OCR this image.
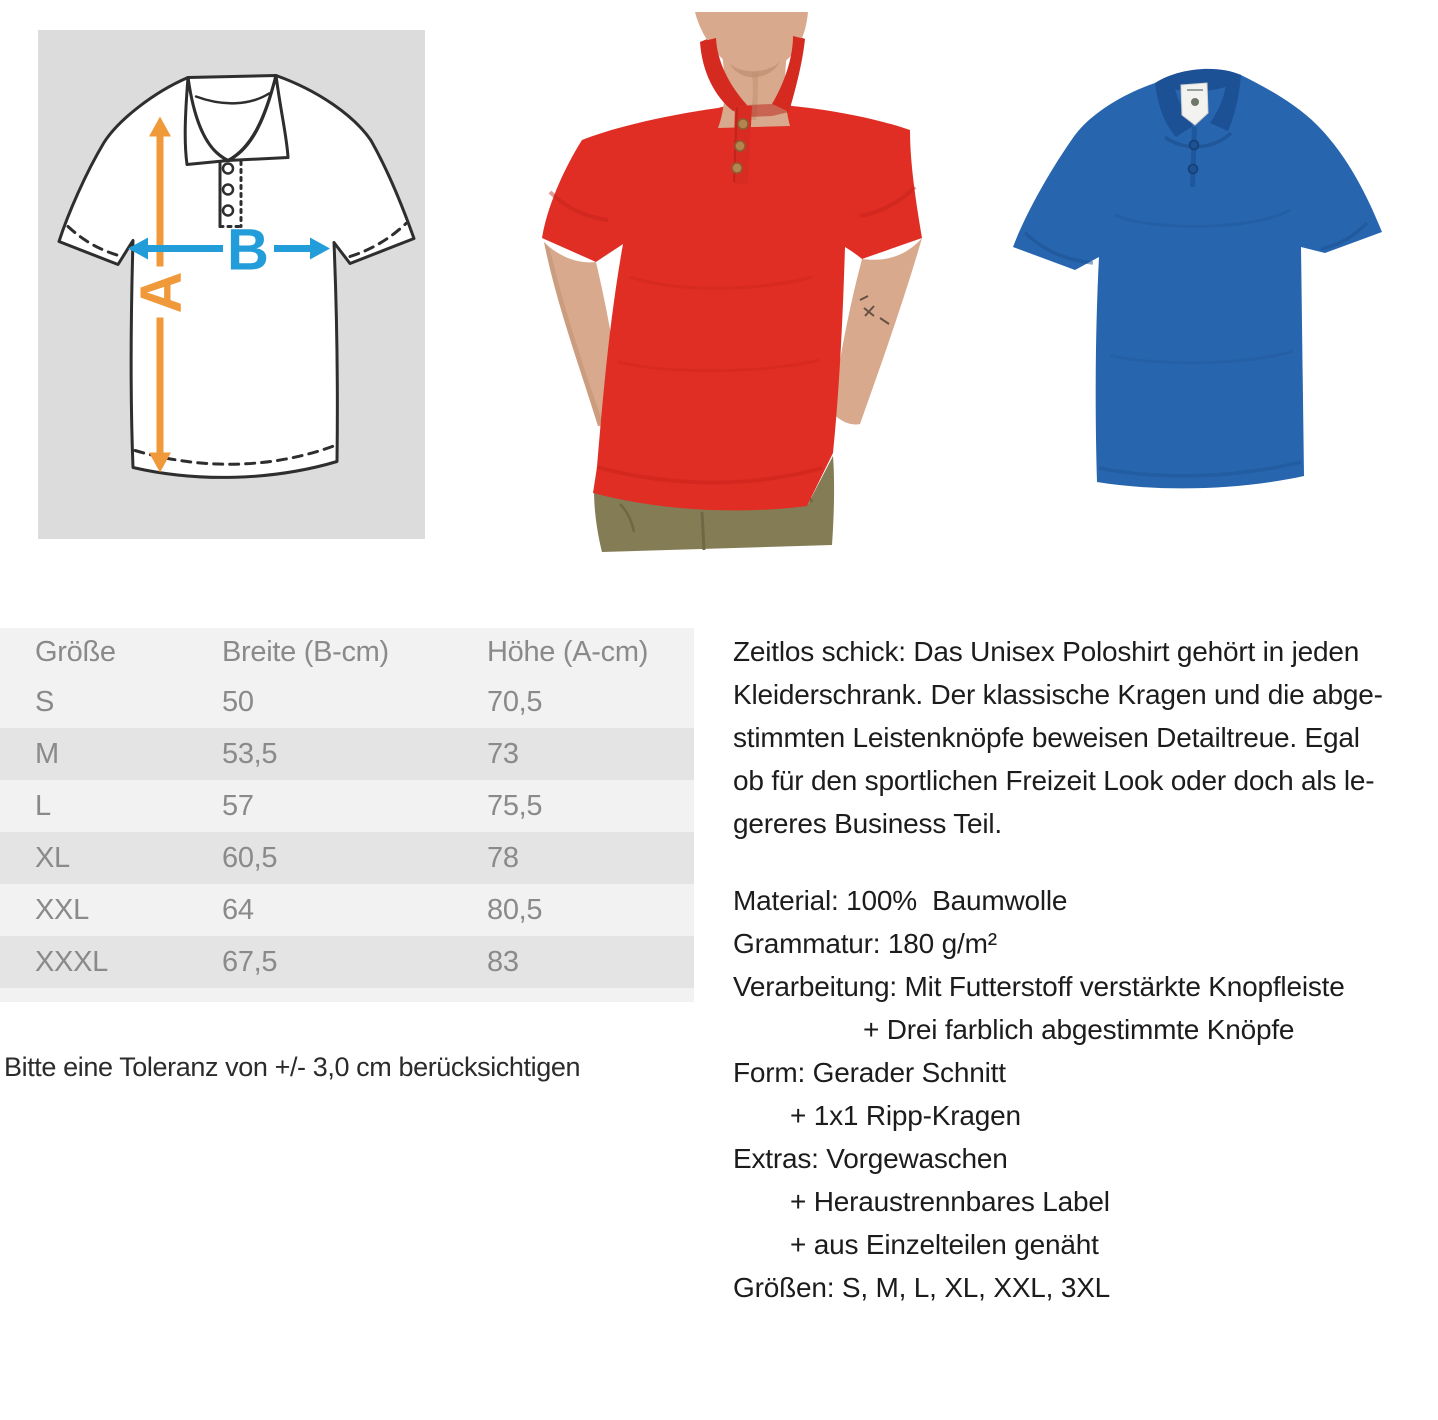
A
B
Größe	Breite (B-cm)	Höhe (A-cm)
S	50	70,5
M	53,5	73
L	57	75,5
XL	60,5	78
XXL	64	80,5
XXXL	67,5	83
Zeitlos schick: Das Unisex Poloshirt gehört in jeden
Kleiderschrank. Der klassische Kragen und die abge-
stimmten Leistenknöpfe beweisen Detailtreue. Egal
ob für den sportlichen Freizeit Look oder doch als le-
gereres Business Teil.
Material: 100%  Baumwolle
Grammatur: 180 g/m²
Verarbeitung: Mit Futterstoff verstärkte Knopfleiste
+ Drei farblich abgestimmte Knöpfe
Form: Gerader Schnitt
+ 1x1 Ripp-Kragen
Extras: Vorgewaschen
+ Heraustrennbares Label
+ aus Einzelteilen genäht
Größen: S, M, L, XL, XXL, 3XL
Bitte eine Toleranz von +/- 3,0 cm berücksichtigen
